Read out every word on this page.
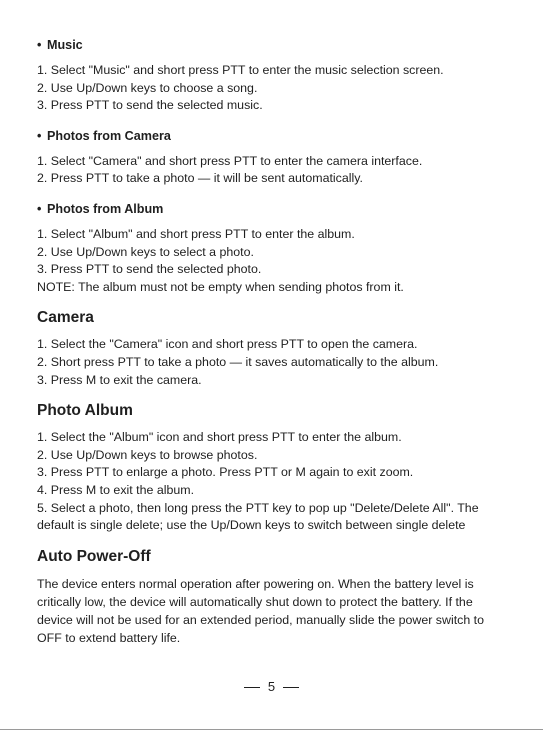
• Music

1. Select "Music" and short press PTT to enter the music selection screen.

2. Use Up/Down keys to choose a song.

3. Press PTT to send the selected music.

• Photos from Camera

1. Select "Camera" and short press PTT to enter the camera interface.

2. Press PTT to take a photo — it will be sent automatically.

• Photos from Album

1. Select "Album" and short press PTT to enter the album.

2. Use Up/Down keys to select a photo.

3. Press PTT to send the selected photo.

NOTE: The album must not be empty when sending photos from it.

Camera

1. Select the "Camera" icon and short press PTT to open the camera.

2. Short press PTT to take a photo — it saves automatically to the album.

3. Press M to exit the camera.

Photo Album

1. Select the "Album" icon and short press PTT to enter the album.

2. Use Up/Down keys to browse photos.

3. Press PTT to enlarge a photo. Press PTT or M again to exit zoom.

4. Press M to exit the album.

5. Select a photo, then long press the PTT key to pop up "Delete/Delete All". The default is single delete; use the Up/Down keys to switch between single delete

Auto Power-Off

The device enters normal operation after powering on. When the battery level is critically low, the device will automatically shut down to protect the battery. If the device will not be used for an extended period, manually slide the power switch to OFF to extend battery life.

5
